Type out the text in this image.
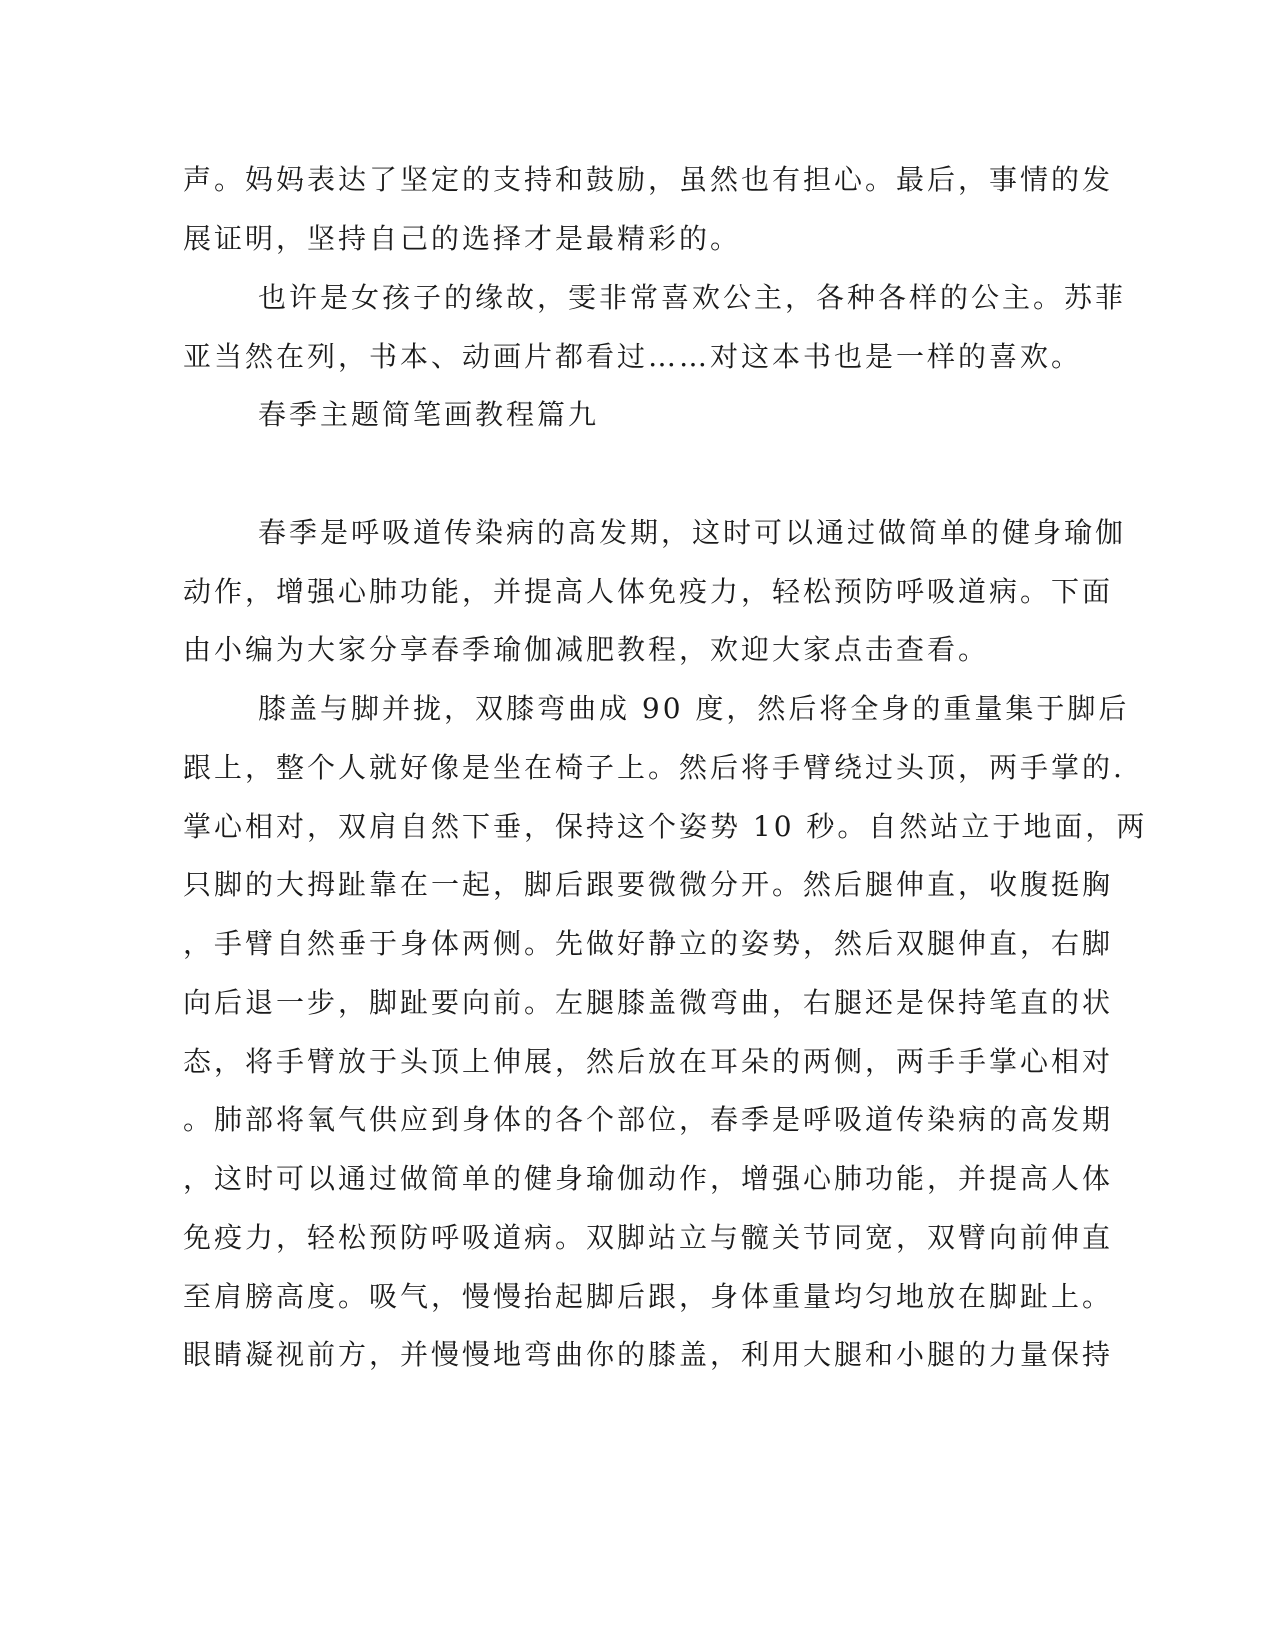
声。妈妈表达了坚定的支持和鼓励，虽然也有担心。最后，事情的发
展证明，坚持自己的选择才是最精彩的。
也许是女孩子的缘故，雯非常喜欢公主，各种各样的公主。苏菲
亚当然在列，书本、动画片都看过……对这本书也是一样的喜欢。
春季主题简笔画教程篇九
春季是呼吸道传染病的高发期，这时可以通过做简单的健身瑜伽
动作，增强心肺功能，并提高人体免疫力，轻松预防呼吸道病。下面
由小编为大家分享春季瑜伽减肥教程，欢迎大家点击查看。
膝盖与脚并拢，双膝弯曲成 90 度，然后将全身的重量集于脚后
跟上，整个人就好像是坐在椅子上。然后将手臂绕过头顶，两手掌的.
掌心相对，双肩自然下垂，保持这个姿势 10 秒。自然站立于地面，两
只脚的大拇趾靠在一起，脚后跟要微微分开。然后腿伸直，收腹挺胸
，手臂自然垂于身体两侧。先做好静立的姿势，然后双腿伸直，右脚
向后退一步，脚趾要向前。左腿膝盖微弯曲，右腿还是保持笔直的状
态，将手臂放于头顶上伸展，然后放在耳朵的两侧，两手手掌心相对
。肺部将氧气供应到身体的各个部位，春季是呼吸道传染病的高发期
，这时可以通过做简单的健身瑜伽动作，增强心肺功能，并提高人体
免疫力，轻松预防呼吸道病。双脚站立与髋关节同宽，双臂向前伸直
至肩膀高度。吸气，慢慢抬起脚后跟，身体重量均匀地放在脚趾上。
眼睛凝视前方，并慢慢地弯曲你的膝盖，利用大腿和小腿的力量保持
